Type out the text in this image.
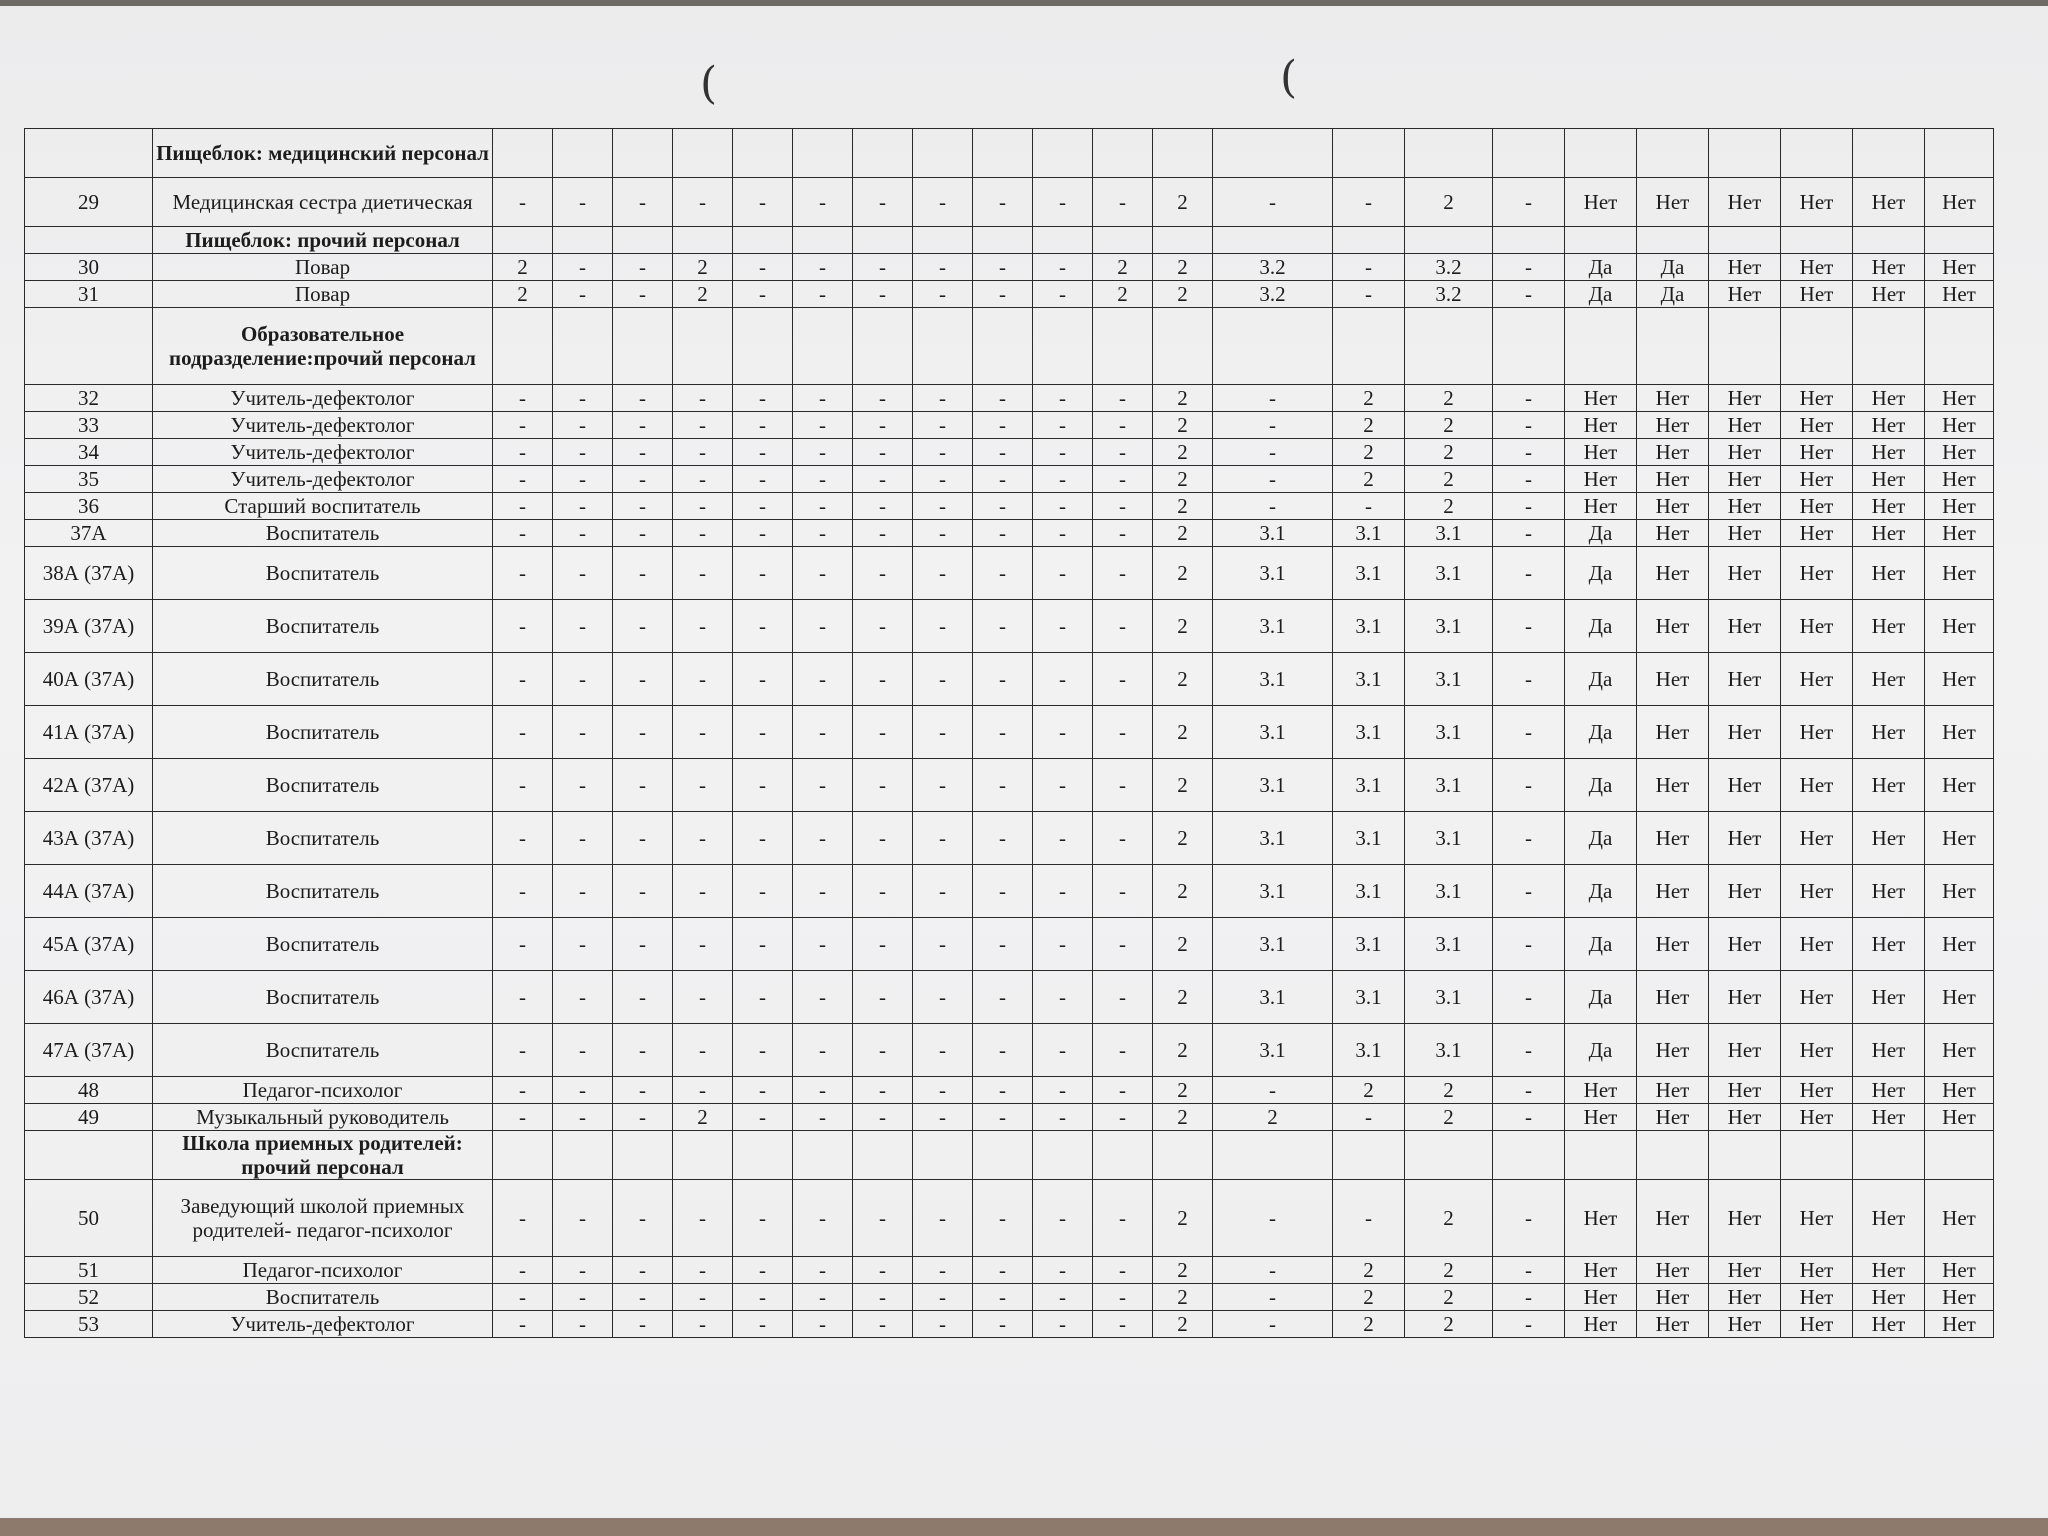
(	(
	Пищеблок: медицинский персонал																						
29	Медицинская сестра диетическая	-	-	-	-	-	-	-	-	-	-	-	2	-	-	2	-	Нет	Нет	Нет	Нет	Нет	Нет
	Пищеблок: прочий персонал																						
30	Повар	2	-	-	2	-	-	-	-	-	-	2	2	3.2	-	3.2	-	Да	Да	Нет	Нет	Нет	Нет
31	Повар	2	-	-	2	-	-	-	-	-	-	2	2	3.2	-	3.2	-	Да	Да	Нет	Нет	Нет	Нет
	Образовательное подразделение:прочий персонал																						
32	Учитель-дефектолог	-	-	-	-	-	-	-	-	-	-	-	2	-	2	2	-	Нет	Нет	Нет	Нет	Нет	Нет
33	Учитель-дефектолог	-	-	-	-	-	-	-	-	-	-	-	2	-	2	2	-	Нет	Нет	Нет	Нет	Нет	Нет
34	Учитель-дефектолог	-	-	-	-	-	-	-	-	-	-	-	2	-	2	2	-	Нет	Нет	Нет	Нет	Нет	Нет
35	Учитель-дефектолог	-	-	-	-	-	-	-	-	-	-	-	2	-	2	2	-	Нет	Нет	Нет	Нет	Нет	Нет
36	Старший воспитатель	-	-	-	-	-	-	-	-	-	-	-	2	-	-	2	-	Нет	Нет	Нет	Нет	Нет	Нет
37А	Воспитатель	-	-	-	-	-	-	-	-	-	-	-	2	3.1	3.1	3.1	-	Да	Нет	Нет	Нет	Нет	Нет
38А (37А)	Воспитатель	-	-	-	-	-	-	-	-	-	-	-	2	3.1	3.1	3.1	-	Да	Нет	Нет	Нет	Нет	Нет
39А (37А)	Воспитатель	-	-	-	-	-	-	-	-	-	-	-	2	3.1	3.1	3.1	-	Да	Нет	Нет	Нет	Нет	Нет
40А (37А)	Воспитатель	-	-	-	-	-	-	-	-	-	-	-	2	3.1	3.1	3.1	-	Да	Нет	Нет	Нет	Нет	Нет
41А (37А)	Воспитатель	-	-	-	-	-	-	-	-	-	-	-	2	3.1	3.1	3.1	-	Да	Нет	Нет	Нет	Нет	Нет
42А (37А)	Воспитатель	-	-	-	-	-	-	-	-	-	-	-	2	3.1	3.1	3.1	-	Да	Нет	Нет	Нет	Нет	Нет
43А (37А)	Воспитатель	-	-	-	-	-	-	-	-	-	-	-	2	3.1	3.1	3.1	-	Да	Нет	Нет	Нет	Нет	Нет
44А (37А)	Воспитатель	-	-	-	-	-	-	-	-	-	-	-	2	3.1	3.1	3.1	-	Да	Нет	Нет	Нет	Нет	Нет
45А (37А)	Воспитатель	-	-	-	-	-	-	-	-	-	-	-	2	3.1	3.1	3.1	-	Да	Нет	Нет	Нет	Нет	Нет
46А (37А)	Воспитатель	-	-	-	-	-	-	-	-	-	-	-	2	3.1	3.1	3.1	-	Да	Нет	Нет	Нет	Нет	Нет
47А (37А)	Воспитатель	-	-	-	-	-	-	-	-	-	-	-	2	3.1	3.1	3.1	-	Да	Нет	Нет	Нет	Нет	Нет
48	Педагог-психолог	-	-	-	-	-	-	-	-	-	-	-	2	-	2	2	-	Нет	Нет	Нет	Нет	Нет	Нет
49	Музыкальный руководитель	-	-	-	2	-	-	-	-	-	-	-	2	2	-	2	-	Нет	Нет	Нет	Нет	Нет	Нет
	Школа приемных родителей: прочий персонал																						
50	Заведующий школой приемных родителей- педагог-психолог	-	-	-	-	-	-	-	-	-	-	-	2	-	-	2	-	Нет	Нет	Нет	Нет	Нет	Нет
51	Педагог-психолог	-	-	-	-	-	-	-	-	-	-	-	2	-	2	2	-	Нет	Нет	Нет	Нет	Нет	Нет
52	Воспитатель	-	-	-	-	-	-	-	-	-	-	-	2	-	2	2	-	Нет	Нет	Нет	Нет	Нет	Нет
53	Учитель-дефектолог	-	-	-	-	-	-	-	-	-	-	-	2	-	2	2	-	Нет	Нет	Нет	Нет	Нет	Нет
